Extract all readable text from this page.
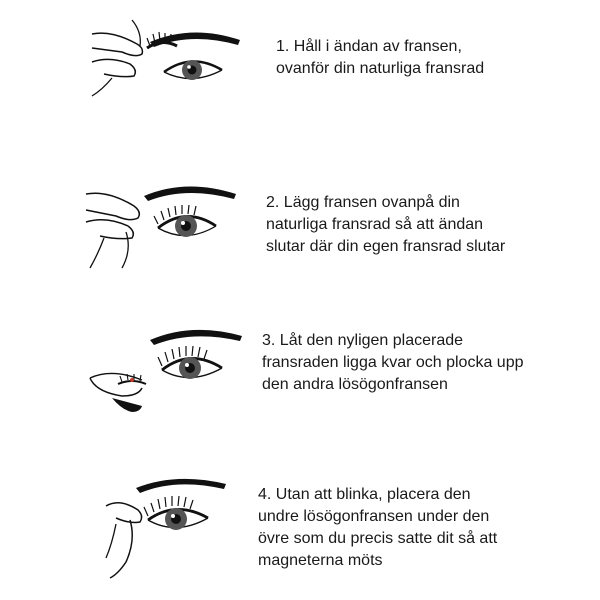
1. Håll i ändan av fransen,
ovanför din naturliga fransrad
2. Lägg fransen ovanpå din
naturliga fransrad så att ändan
slutar där din egen fransrad slutar
3. Låt den nyligen placerade
fransraden ligga kvar och plocka upp
den andra lösögonfransen
4. Utan att blinka, placera den
undre lösögonfransen under den
övre som du precis satte dit så att
magneterna möts
